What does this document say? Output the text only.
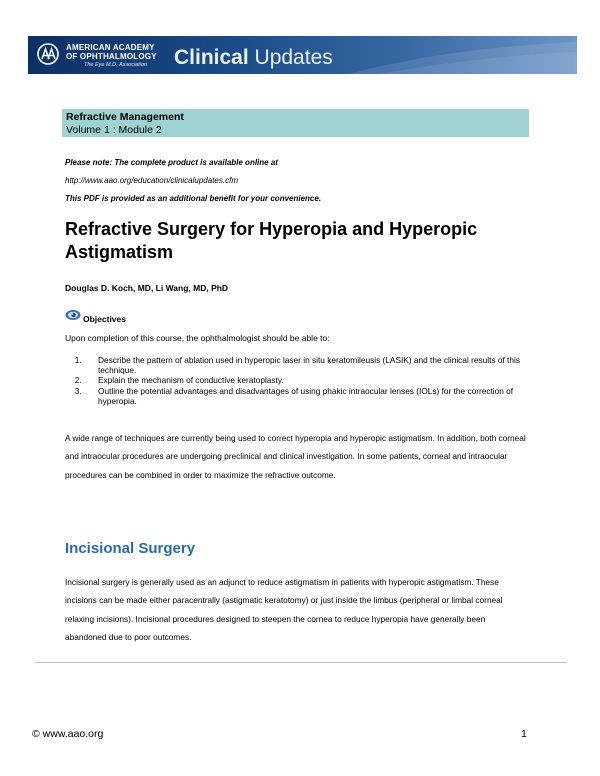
AMERICAN ACADEMY
OF OPHTHALMOLOGY
The Eye M.D. Association Clinical Updates
Refractive Management
Volume 1 : Module 2
Please note: The complete product is available online at
http://www.aao.org/education/clinicalupdates.cfm
This PDF is provided as an additional benefit for your convenience.
Refractive Surgery for Hyperopia and Hyperopic Astigmatism
Douglas D. Koch, MD, Li Wang, MD, PhD
Objectives
Upon completion of this course, the ophthalmologist should be able to:
1. Describe the pattern of ablation used in hyperopic laser in situ keratomileusis (LASIK) and the clinical results of this technique.
2. Explain the mechanism of conductive keratoplasty.
3. Outline the potential advantages and disadvantages of using phakic intraocular lenses (IOLs) for the correction of hyperopia.
A wide range of techniques are currently being used to correct hyperopia and hyperopic astigmatism. In addition, both corneal and intraocular procedures are undergoing preclinical and clinical investigation. In some patients, corneal and intraocular procedures can be combined in order to maximize the refractive outcome.
Incisional Surgery
Incisional surgery is generally used as an adjunct to reduce astigmatism in patients with hyperopic astigmatism. These incisions can be made either paracentrally (astigmatic keratotomy) or just inside the limbus (peripheral or limbal corneal relaxing incisions). Incisional procedures designed to steepen the cornea to reduce hyperopia have generally been abandoned due to poor outcomes.
© www.aao.org	1
